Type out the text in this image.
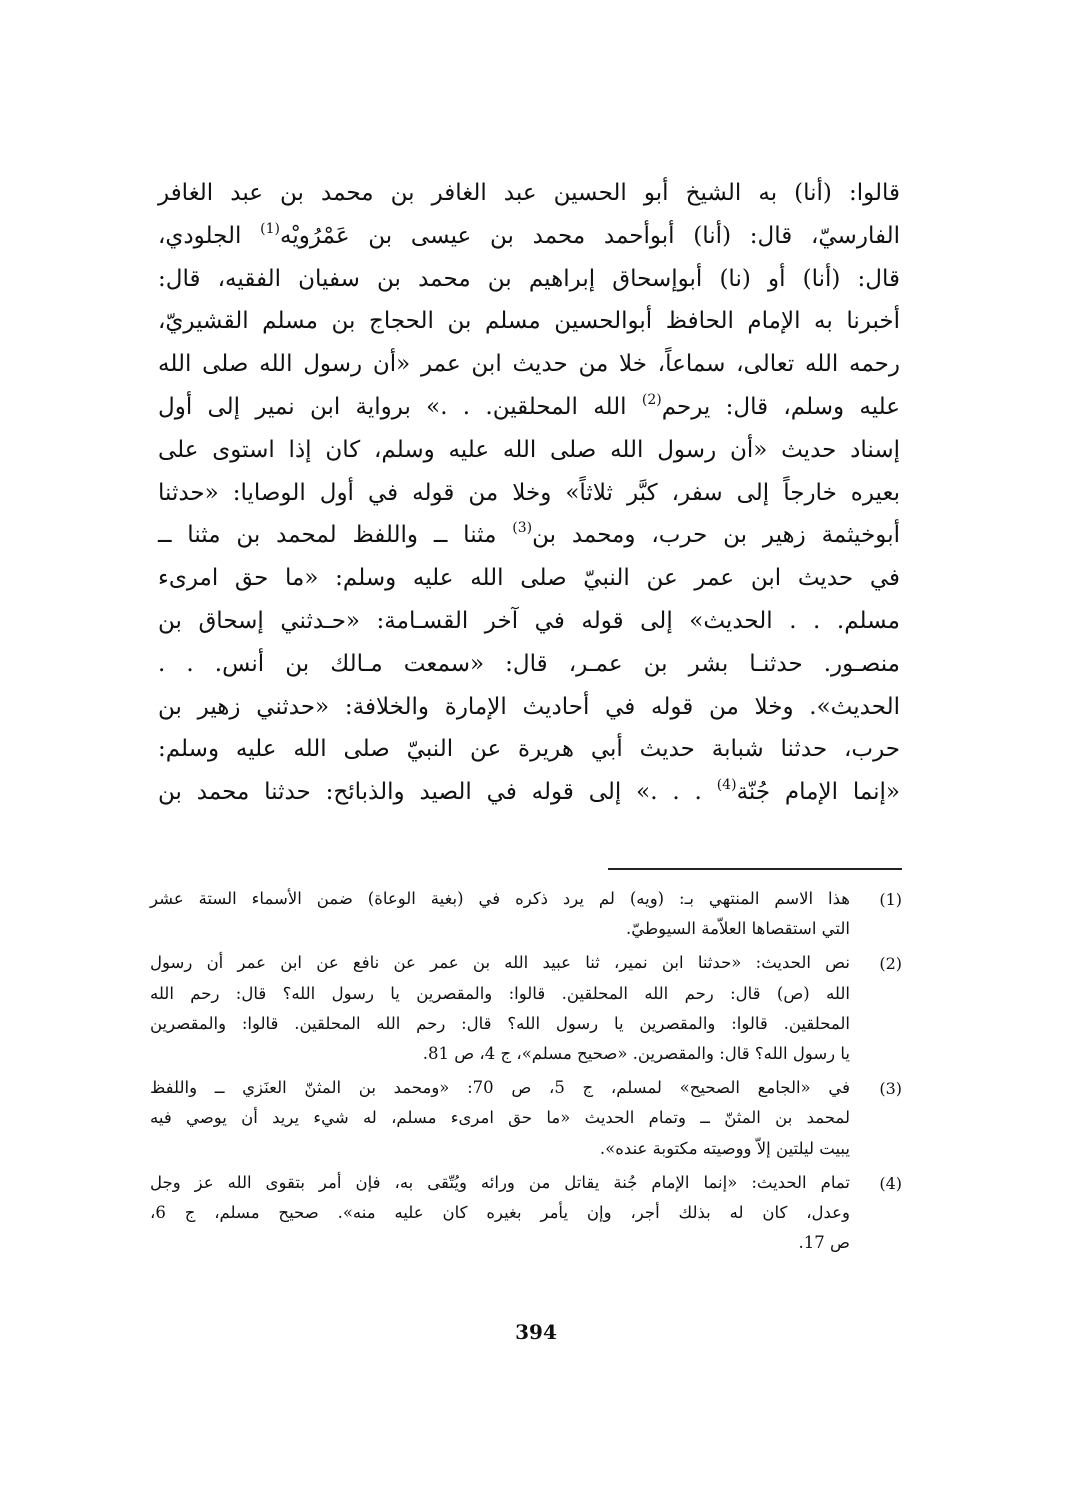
قالوا: (أنا) به الشيخ أبو الحسين عبد الغافر بن محمد بن عبد الغافر
الفارسيّ، قال: (أنا) أبوأحمد محمد بن عيسى بن عَمْرُويْه$^{(1)}$ الجلودي،
قال: (أنا) أو (نا) أبوإسحاق إبراهيم بن محمد بن سفيان الفقيه، قال:
أخبرنا به الإمام الحافظ أبوالحسين مسلم بن الحجاج بن مسلم القشيريّ،
رحمه الله تعالى، سماعاً، خلا من حديث ابن عمر «أن رسول الله صلى الله
عليه وسلم، قال: يرحم$^{(2)}$ الله المحلقين. . .» برواية ابن نمير إلى أول
إسناد حديث «أن رسول الله صلى الله عليه وسلم، كان إذا استوى على
بعيره خارجاً إلى سفر، كبَّر ثلاثاً» وخلا من قوله في أول الوصايا: «حدثنا
أبوخيثمة زهير بن حرب، ومحمد بن$^{(3)}$ مثنا ــ واللفظ لمحمد بن مثنا ــ
في حديث ابن عمر عن النبيّ صلى الله عليه وسلم: «ما حق امرىء
مسلم. . . الحديث» إلى قوله في آخر القسـامة: «حـدثني إسحاق بن
منصـور. حدثنـا بشر بن عمـر، قال: «سمعت مـالك بن أنس. . .
الحديث». وخلا من قوله في أحاديث الإمارة والخلافة: «حدثني زهير بن
حرب، حدثنا شبابة حديث أبي هريرة عن النبيّ صلى الله عليه وسلم:
«إنما الإمام جُنّة$^{(4)}$ . . .» إلى قوله في الصيد والذبائح: حدثنا محمد بن
(1)
هذا الاسم المنتهي بـ: (ويه) لم يرد ذكره في (بغية الوعاة) ضمن الأسماء الستة عشر
التي استقصاها العلاّمة السيوطيّ.
(2)
نص الحديث: «حدثنا ابن نمير، ثنا عبيد الله بن عمر عن نافع عن ابن عمر أن رسول
الله (ص) قال: رحم الله المحلقين. قالوا: والمقصرين يا رسول الله؟ قال: رحم الله
المحلقين. قالوا: والمقصرين يا رسول الله؟ قال: رحم الله المحلقين. قالوا: والمقصرين
يا رسول الله؟ قال: والمقصرين. «صحيح مسلم»، ج 4، ص 81.
(3)
في «الجامع الصحيح» لمسلم، ج 5، ص 70: «ومحمد بن المثنّ العنَزي ــ واللفظ
لمحمد بن المثنّ ــ وتمام الحديث «ما حق امرىء مسلم، له شيء يريد أن يوصي فيه
يبيت ليلتين إلاّ ووصيته مكتوبة عنده».
(4)
تمام الحديث: «إنما الإمام جُنة يقاتل من ورائه ويُتّقى به، فإن أمر بتقوى الله عز وجل
وعدل، كان له بذلك أجر، وإن يأمر بغيره كان عليه منه». صحيح مسلم، ج 6،
ص 17.
394
